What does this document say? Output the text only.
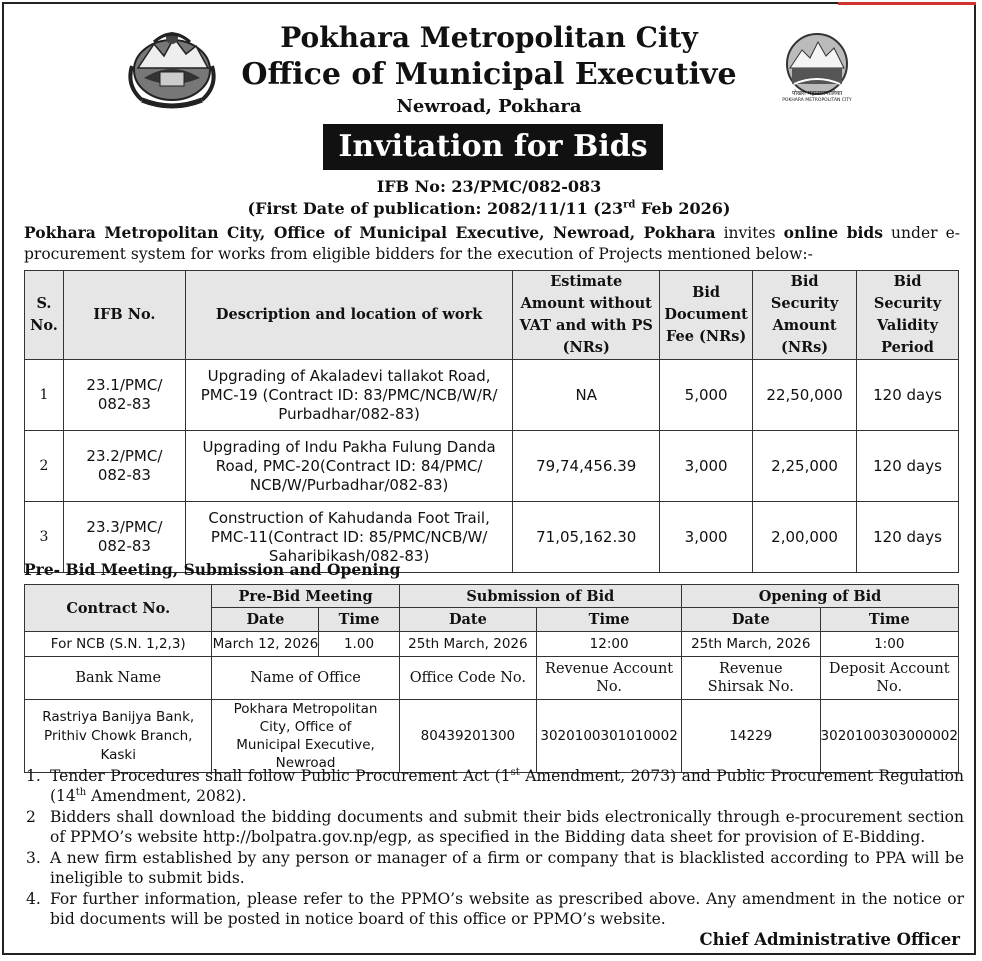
पोखरा महानगरपालिका
POKHARA METROPOLITAN CITY
Pokhara Metropolitan City
Office of Municipal Executive
Newroad, Pokhara
Invitation for Bids
IFB No: 23/PMC/082-083
(First Date of publication: 2082/11/11 (23rd Feb 2026)
Pokhara Metropolitan City, Office of Municipal Executive, Newroad, Pokhara invites online bids under e-procurement system for works from eligible bidders for the execution of Projects mentioned below:-
S. No.	IFB No.	Description and location of work	Estimate Amount without VAT and with PS (NRs)	Bid Document Fee (NRs)	Bid Security Amount (NRs)	Bid Security Validity Period
1	23.1/PMC/ 082-83	Upgrading of Akaladevi tallakot Road, PMC-19 (Contract ID: 83/PMC/NCB/W/R/ Purbadhar/082-83)	NA	5,000	22,50,000	120 days
2	23.2/PMC/ 082-83	Upgrading of Indu Pakha Fulung Danda Road, PMC-20(Contract ID: 84/PMC/ NCB/W/Purbadhar/082-83)	79,74,456.39	3,000	2,25,000	120 days
3	23.3/PMC/ 082-83	Construction of Kahudanda Foot Trail, PMC-11(Contract ID: 85/PMC/NCB/W/ Saharibikash/082-83)	71,05,162.30	3,000	2,00,000	120 days
Pre- Bid Meeting, Submission and Opening
Contract No.	Pre-Bid Meeting		Submission of Bid		Opening of Bid	
	Date	Time	Date	Time	Date	Time
For NCB (S.N. 1,2,3)	March 12, 2026	1.00	25th March, 2026	12:00	25th March, 2026	1:00
Bank Name	Name of Office		Office Code No.	Revenue Account No.	Revenue Shirsak No.	Deposit Account No.
Rastriya Banijya Bank, Prithiv Chowk Branch, Kaski	Pokhara Metropolitan City, Office of Municipal Executive, Newroad		80439201300	3020100301010002	14229	3020100303000002
1. Tender Procedures shall follow Public Procurement Act (1st Amendment, 2073) and Public Procurement Regulation (14th Amendment, 2082).
2 Bidders shall download the bidding documents and submit their bids electronically through e-procurement section of PPMO’s website http://bolpatra.gov.np/egp, as specified in the Bidding data sheet for provision of E-Bidding.
3. A new firm established by any person or manager of a firm or company that is blacklisted according to PPA will be ineligible to submit bids.
4. For further information, please refer to the PPMO’s website as prescribed above. Any amendment in the notice or bid documents will be posted in notice board of this office or PPMO’s website.
Chief Administrative Officer
